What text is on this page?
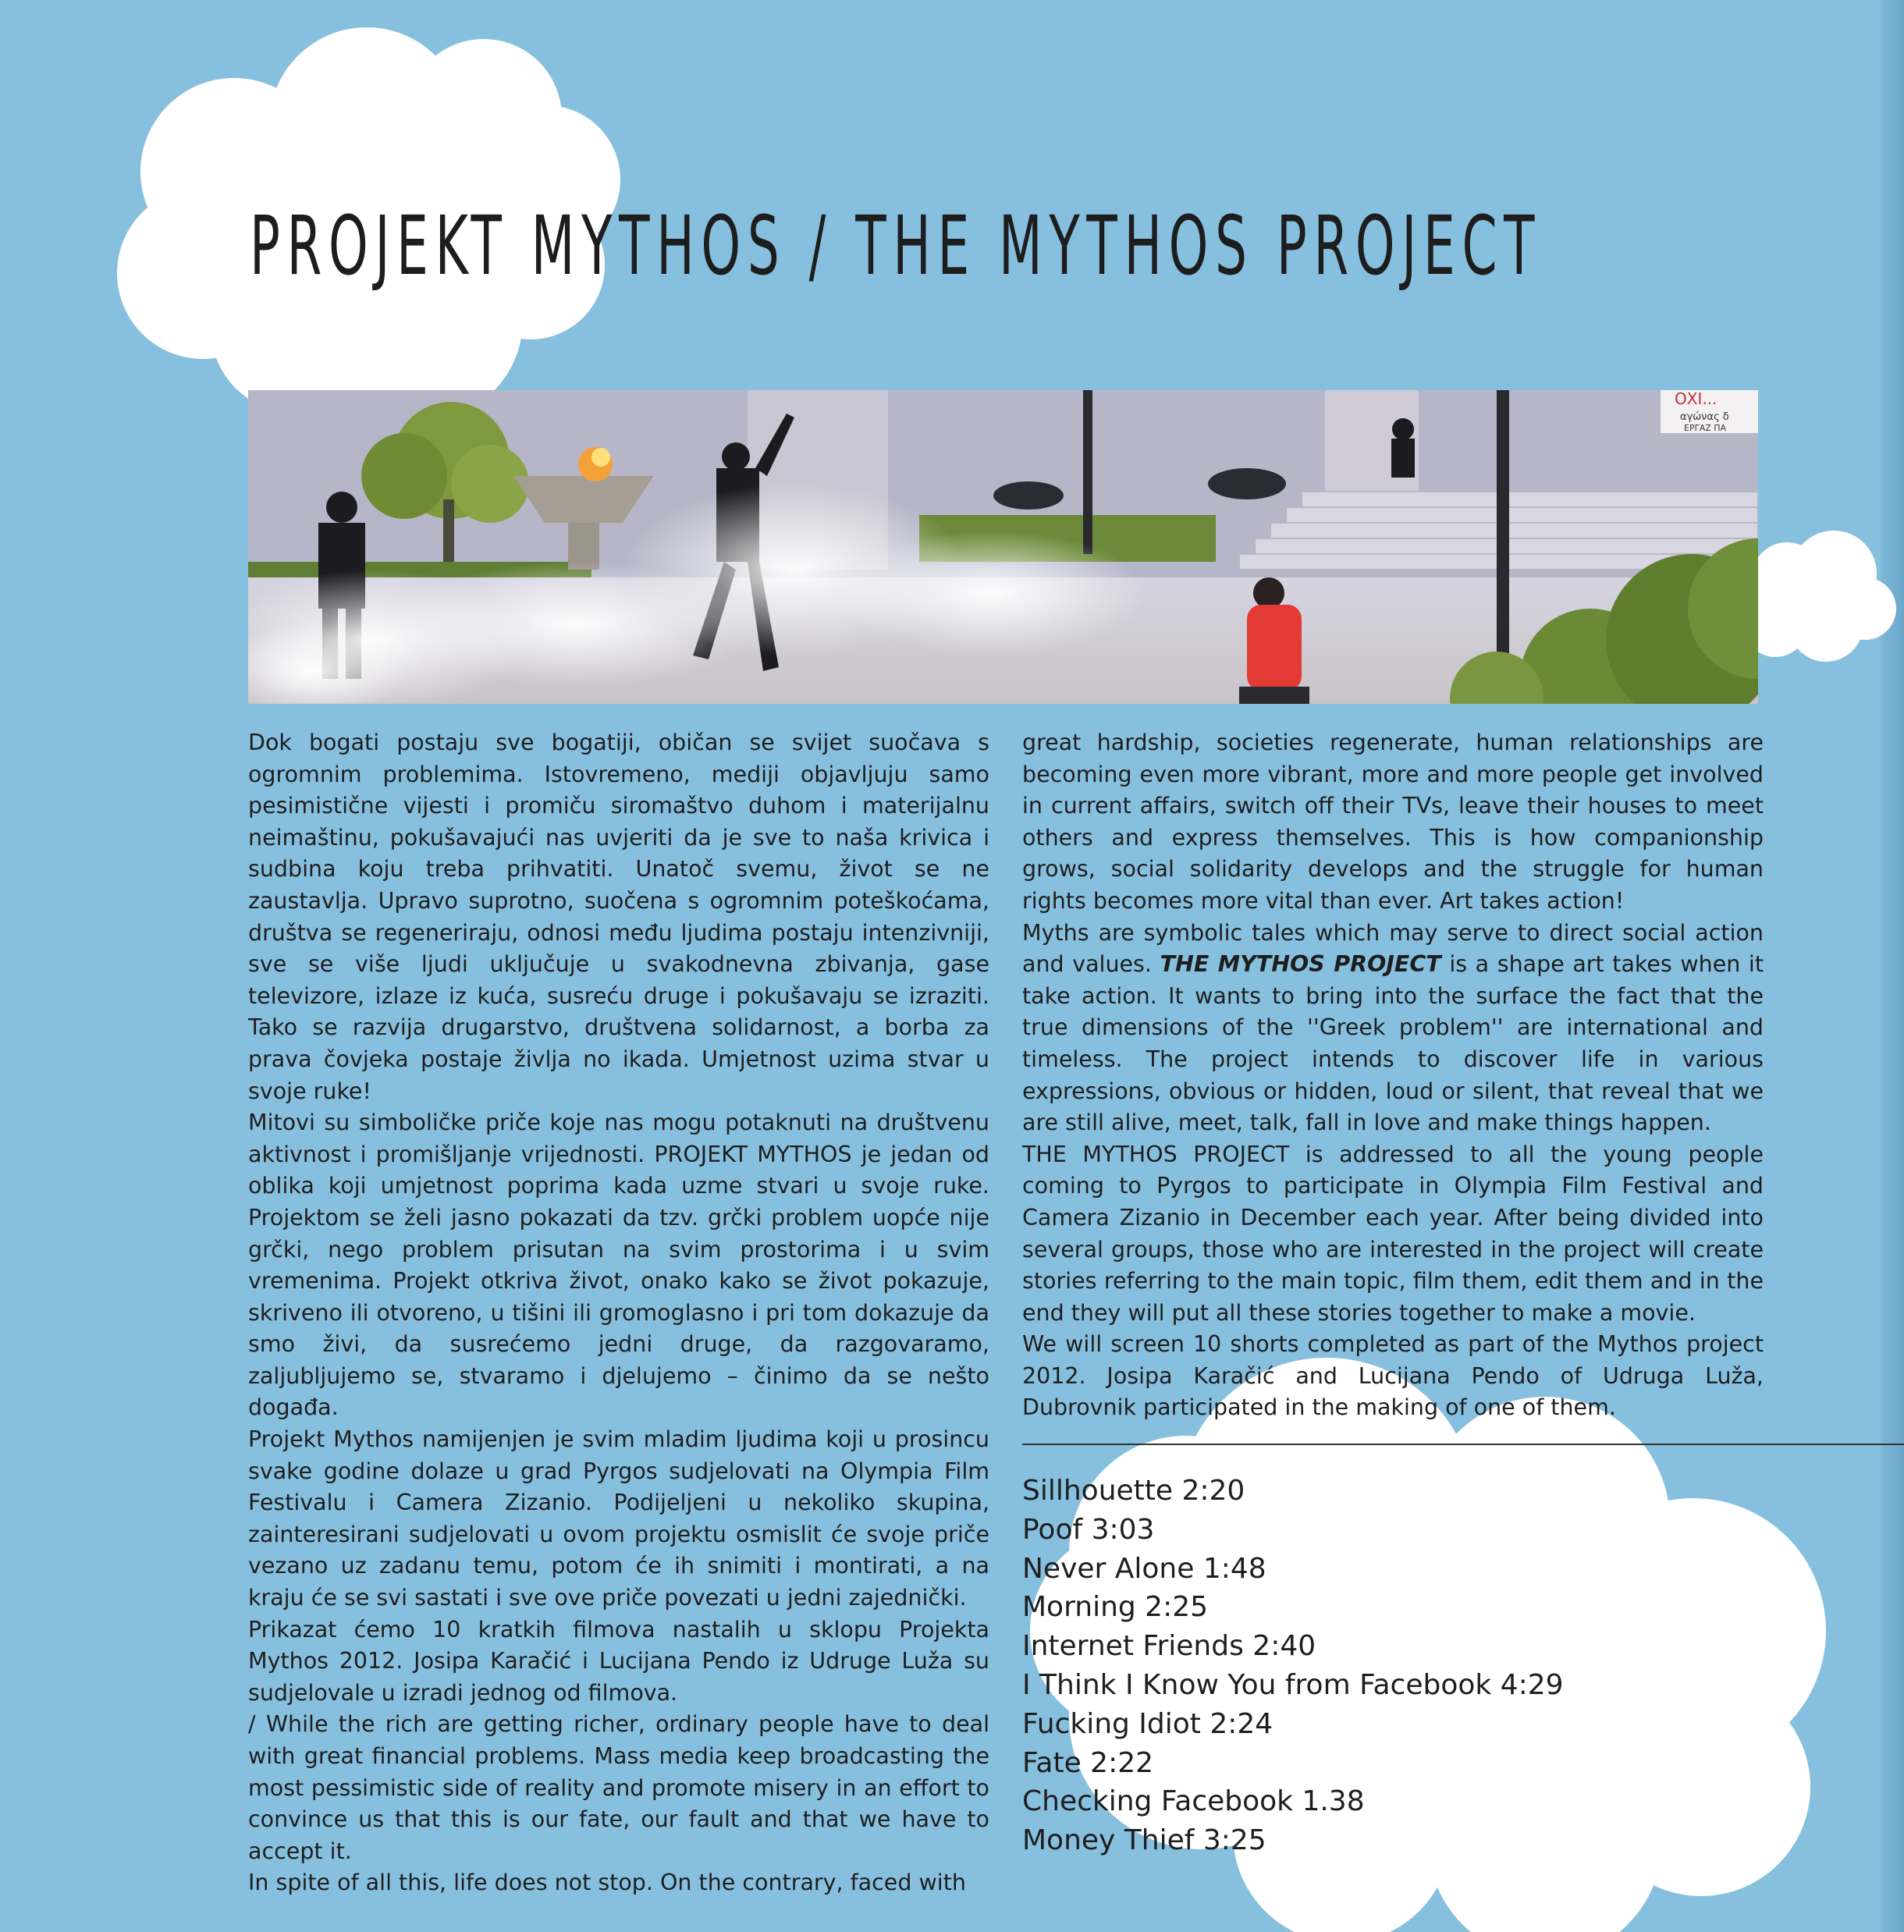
PROJEKT MYTHOS / THE MYTHOS PROJECT
ОΧΙ...
αγώνας δ
ΕΡΓΑΖ ΠΑ

Dok bogati postaju sve bogatiji, običan se svijet suočava s ogromnim problemima. Istovremeno, mediji objavljuju samo pesimistične vijesti i promiču siromaštvo duhom i materijalnu neimaštinu, pokušavajući nas uvjeriti da je sve to naša krivica i sudbina koju treba prihvatiti. Unatoč svemu, život se ne zaustavlja. Upravo suprotno, suočena s ogromnim poteškoćama, društva se regeneriraju, odnosi među ljudima postaju intenzivniji, sve se više ljudi uključuje u svakodnevna zbivanja, gase televizore, izlaze iz kuća, susreću druge i pokušavaju se izraziti. Tako se razvija drugarstvo, društvena solidarnost, a borba za prava čovjeka postaje življa no ikada. Umjetnost uzima stvar u svoje ruke!

Mitovi su simboličke priče koje nas mogu potaknuti na društvenu aktivnost i promišljanje vrijednosti. PROJEKT MYTHOS je jedan od oblika koji umjetnost poprima kada uzme stvari u svoje ruke. Projektom se želi jasno pokazati da tzv. grčki problem uopće nije grčki, nego problem prisutan na svim prostorima i u svim vremenima. Projekt otkriva život, onako kako se život pokazuje, skriveno ili otvoreno, u tišini ili gromoglasno i pri tom dokazuje da smo živi, da susrećemo jedni druge, da razgovaramo, zaljubljujemo se, stvaramo i djelujemo – činimo da se nešto događa.

Projekt Mythos namijenjen je svim mladim ljudima koji u prosincu svake godine dolaze u grad Pyrgos sudjelovati na Olympia Film Festivalu i Camera Zizanio. Podijeljeni u nekoliko skupina, zainteresirani sudjelovati u ovom projektu osmislit će svoje priče vezano uz zadanu temu, potom će ih snimiti i montirati, a na kraju će se svi sastati i sve ove priče povezati u jedni zajednički.

Prikazat ćemo 10 kratkih filmova nastalih u sklopu Projekta Mythos 2012. Josipa Karačić i Lucijana Pendo iz Udruge Luža su sudjelovale u izradi jednog od filmova.

/ While the rich are getting richer, ordinary people have to deal with great financial problems. Mass media keep broadcasting the most pessimistic side of reality and promote misery in an effort to convince us that this is our fate, our fault and that we have to accept it.

In spite of all this, life does not stop. On the contrary, faced with

great hardship, societies regenerate, human relationships are becoming even more vibrant, more and more people get involved in current affairs, switch off their TVs, leave their houses to meet others and express themselves. This is how companionship grows, social solidarity develops and the struggle for human rights becomes more vital than ever. Art takes action!

Myths are symbolic tales which may serve to direct social action and values. THE MYTHOS PROJECT is a shape art takes when it take action. It wants to bring into the surface the fact that the true dimensions of the ''Greek problem'' are international and timeless. The project intends to discover life in various expressions, obvious or hidden, loud or silent, that reveal that we are still alive, meet, talk, fall in love and make things happen.

THE MYTHOS PROJECT is addressed to all the young people coming to Pyrgos to participate in Olympia Film Festival and Camera Zizanio in December each year. After being divided into several groups, those who are interested in the project will create stories referring to the main topic, film them, edit them and in the end they will put all these stories together to make a movie.

We will screen 10 shorts completed as part of the Mythos project 2012. Josipa Karačić and Lucijana Pendo of Udruga Luža, Dubrovnik participated in the making of one of them.

Sillhouette 2:20
Poof 3:03
Never Alone 1:48
Morning 2:25
Internet Friends 2:40
I Think I Know You from Facebook 4:29
Fucking Idiot 2:24
Fate 2:22
Checking Facebook 1.38
Money Thief 3:25
